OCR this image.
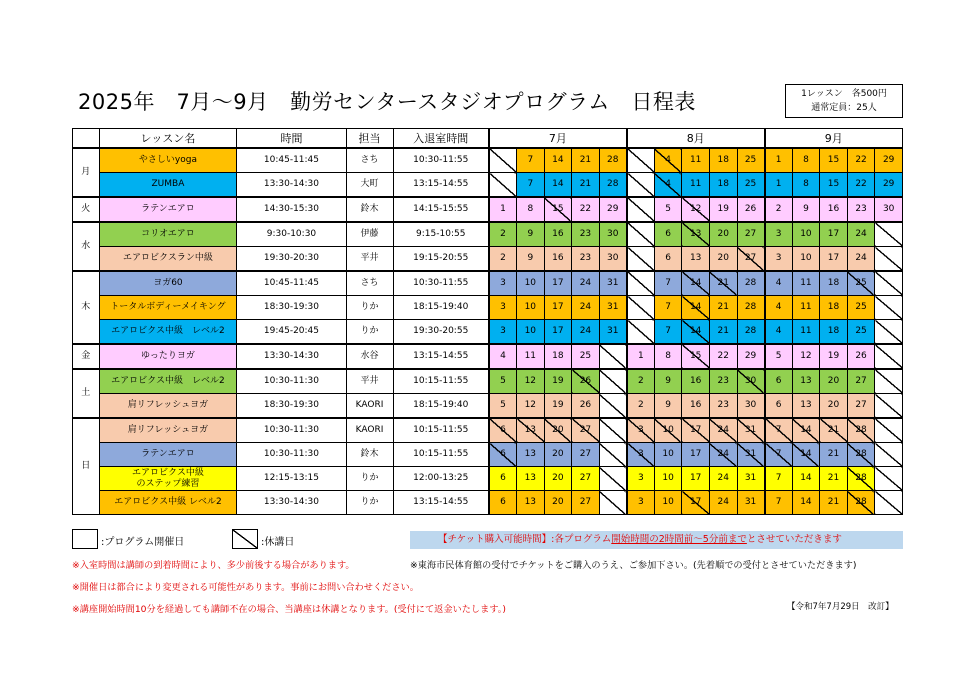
2025年　7月～9月　勤労センタースタジオプログラム　日程表	1レッスン　各500円
通常定員：25人
	レッスン名	時間	担当	入退室時間	7月					8月					9月				
月	やさしいyoga	10:45-11:45	さち	10:30-11:55		7	14	21	28		4	11	18	25	1	8	15	22	29
	ZUMBA	13:30-14:30	大町	13:15-14:55		7	14	21	28		4	11	18	25	1	8	15	22	29
火	ラテンエアロ	14:30-15:30	鈴木	14:15-15:55	1	8	15	22	29		5	12	19	26	2	9	16	23	30
水	コリオエアロ	9:30-10:30	伊藤	9:15-10:55	2	9	16	23	30		6	13	20	27	3	10	17	24	
	エアロビクスラン中級	19:30-20:30	平井	19:15-20:55	2	9	16	23	30		6	13	20	27	3	10	17	24	
木	ヨガ60	10:45-11:45	さち	10:30-11:55	3	10	17	24	31		7	14	21	28	4	11	18	25	
	トータルボディーメイキング	18:30-19:30	りか	18:15-19:40	3	10	17	24	31		7	14	21	28	4	11	18	25	
	エアロビクス中級　レベル2	19:45-20:45	りか	19:30-20:55	3	10	17	24	31		7	14	21	28	4	11	18	25	
金	ゆったりヨガ	13:30-14:30	水谷	13:15-14:55	4	11	18	25		1	8	15	22	29	5	12	19	26	
土	エアロビクス中級　レベル2	10:30-11:30	平井	10:15-11:55	5	12	19	26		2	9	16	23	30	6	13	20	27	
	肩リフレッシュヨガ	18:30-19:30	KAORI	18:15-19:40	5	12	19	26		2	9	16	23	30	6	13	20	27	
日	肩リフレッシュヨガ	10:30-11:30	KAORI	10:15-11:55	6	13	20	27		3	10	17	24	31	7	14	21	28	
	ラテンエアロ	10:30-11:30	鈴木	10:15-11:55	6	13	20	27		3	10	17	24	31	7	14	21	28	
	エアロビクス中級
のステップ練習	12:15-13:15	りか	12:00-13:25	6	13	20	27		3	10	17	24	31	7	14	21	28	
	エアロビクス中級 レベル2	13:30-14:30	りか	13:15-14:55	6	13	20	27		3	10	17	24	31	7	14	21	28	
:プログラム開催日	:休講日	【チケット購入可能時間】:各プログラム開始時間の2時間前～5分前までとさせていただきます
※入室時間は講師の到着時間により、多少前後する場合があります。	※東海市民体育館の受付でチケットをご購入のうえ、ご参加下さい。(先着順での受付とさせていただきます)
※開催日は都合により変更される可能性があります。事前にお問い合わせください。
※講座開始時間10分を経過しても講師不在の場合、当講座は休講となります。(受付にて返金いたします。)	【令和7年7月29日　改訂】
